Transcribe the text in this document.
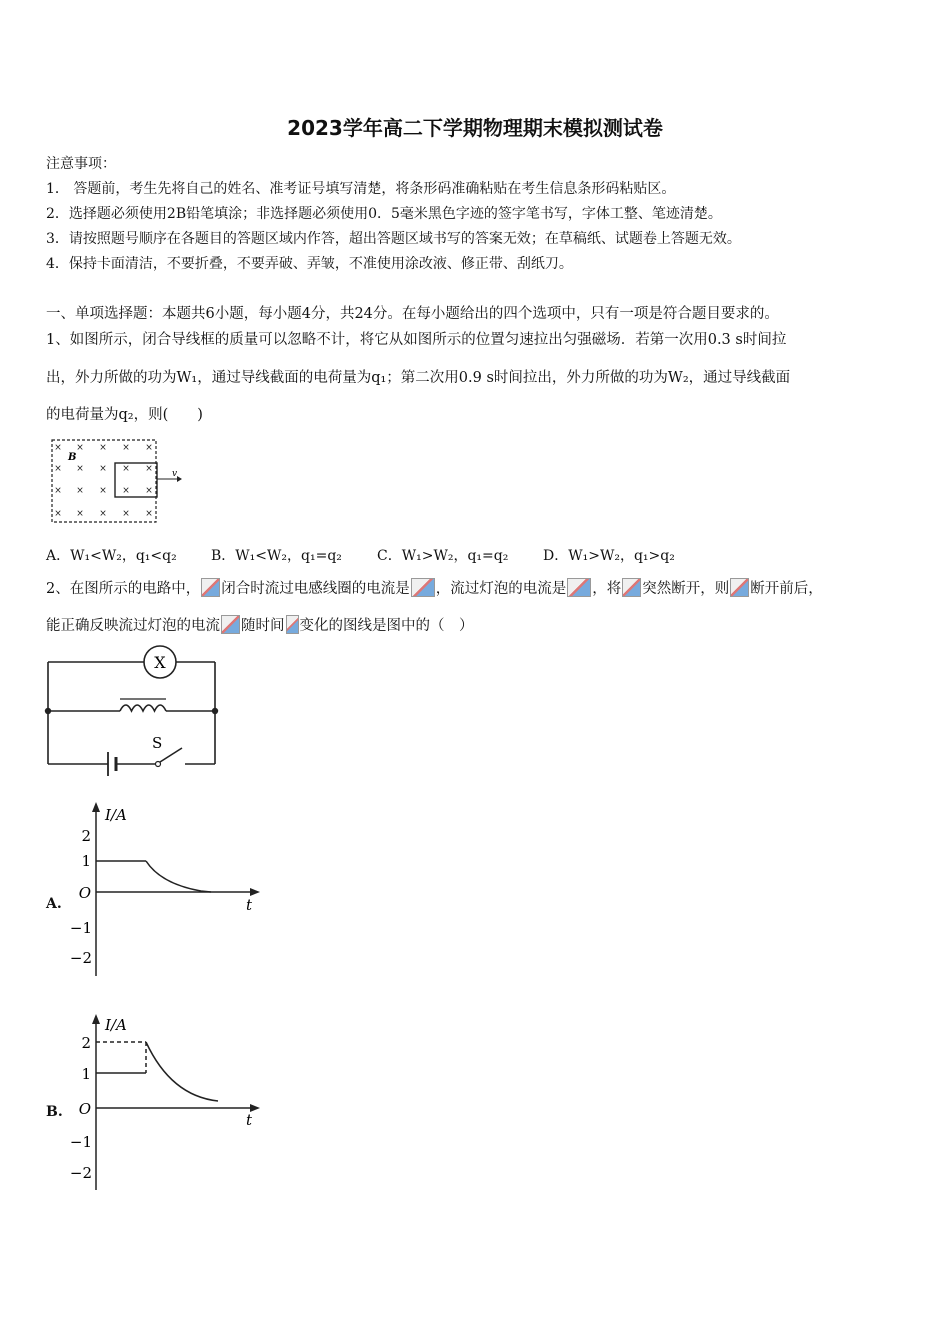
2023学年高二下学期物理期末模拟测试卷
注意事项：
1． 答题前，考生先将自己的姓名、准考证号填写清楚，将条形码准确粘贴在考生信息条形码粘贴区。
2．选择题必须使用2B铅笔填涂；非选择题必须使用0．5毫米黑色字迹的签字笔书写，字体工整、笔迹清楚。
3．请按照题号顺序在各题目的答题区域内作答，超出答题区域书写的答案无效；在草稿纸、试题卷上答题无效。
4．保持卡面清洁，不要折叠，不要弄破、弄皱，不准使用涂改液、修正带、刮纸刀。
一、单项选择题：本题共6小题，每小题4分，共24分。在每小题给出的四个选项中，只有一项是符合题目要求的。
1、如图所示，闭合导线框的质量可以忽略不计，将它从如图所示的位置匀速拉出匀强磁场．若第一次用0.3 s时间拉
出，外力所做的功为W₁，通过导线截面的电荷量为q₁；第二次用0.9 s时间拉出，外力所做的功为W₂，通过导线截面
的电荷量为q₂，则(　　)
× × × × ×
× × × × ×
× × × × ×
× × × × ×
B
v
A．W₁<W₂，q₁<q₂ B．W₁<W₂，q₁=q₂	C．W₁>W₂，q₁=q₂ D．W₁>W₂，q₁>q₂
2、在图所示的电路中， 闭合时流过电感线圈的电流是 ，流过灯泡的电流是 ，将 突然断开，则 断开前后，
能正确反映流过灯泡的电流 随时间 变化的图线是图中的（　）
X
S
A.
2
1
O
−1
−2
I/A
t
B.
2
1
O
−1
−2
I/A
t
